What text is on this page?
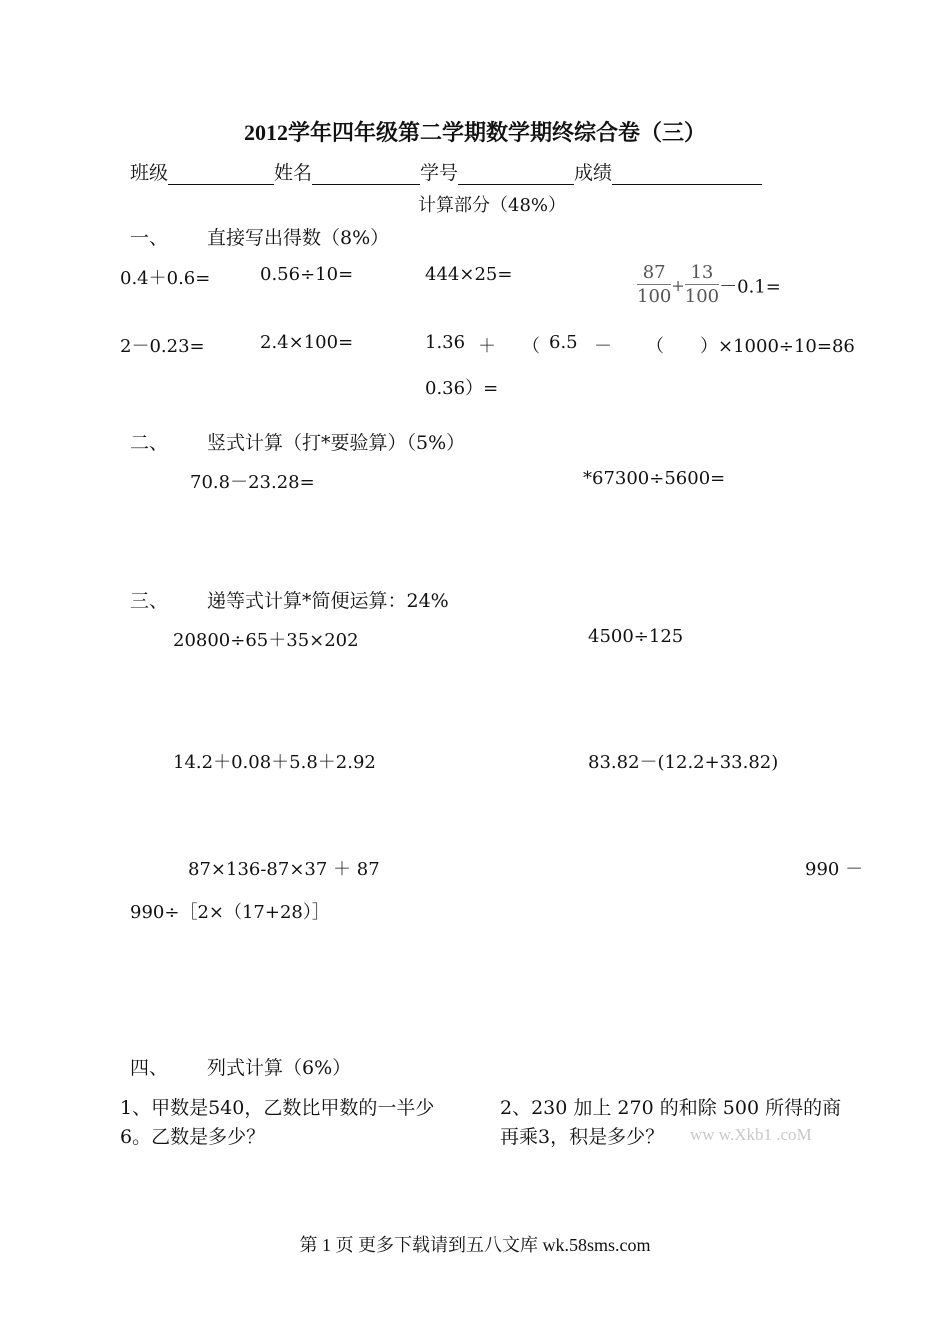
2012学年四年级第二学期数学期终综合卷（三）
班级	姓名	学号	成绩
计算部分（48%）
一、 直接写出得数（8%）
0.4＋0.6=	0.56÷10=	444×25=	$\frac{87}{100} + \frac{13}{100} -0.1=$
2－0.23=	2.4×100=	1.36 ＋ （ 6.5 － （ ）×1000÷10=86
0.36）=
二、 竖式计算（打*要验算）（5%）
70.8－23.28=	*67300÷5600=
三、 递等式计算*简便运算：24%
20800÷65＋35×202	4500÷125
14.2＋0.08＋5.8＋2.92	83.82－(12.2+33.82)
87×136-87×37 ＋ 87	990 －
990÷［2×（17+28）］
四、 列式计算（6%）
1、甲数是540，乙数比甲数的一半少
6。乙数是多少？
2、230 加上 270 的和除 500 所得的商
再乘3，积是多少？ ww w.Xkb1 .coM
第 1 页 更多下载请到五八文库 wk.58sms.com
